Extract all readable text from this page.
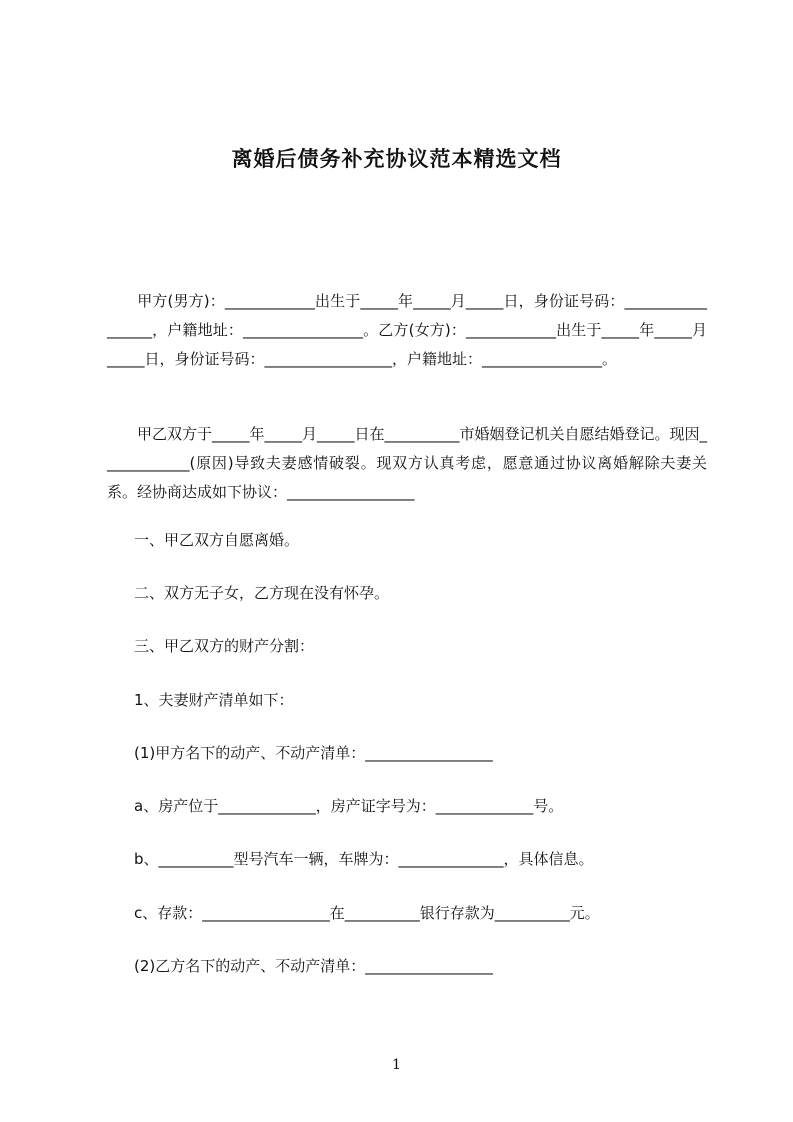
离婚后债务补充协议范本精选文档

　　甲方(男方)：____________出生于_____年_____月_____日，身份证号码：_________________，户籍地址：________________。乙方(女方)：____________出生于_____年_____月_____日，身份证号码：_________________，户籍地址：________________。

　　甲乙双方于_____年_____月_____日在__________市婚姻登记机关自愿结婚登记。现因____________(原因)导致夫妻感情破裂。现双方认真考虑，愿意通过协议离婚解除夫妻关系。经协商达成如下协议：_________________

一、甲乙双方自愿离婚。

二、双方无子女，乙方现在没有怀孕。

三、甲乙双方的财产分割：

1、夫妻财产清单如下：

(1)甲方名下的动产、不动产清单：_________________

a、房产位于_____________，房产证字号为：_____________号。

b、__________型号汽车一辆，车牌为：______________，具体信息。

c、存款：_________________在__________银行存款为__________元。

(2)乙方名下的动产、不动产清单：_________________

1
